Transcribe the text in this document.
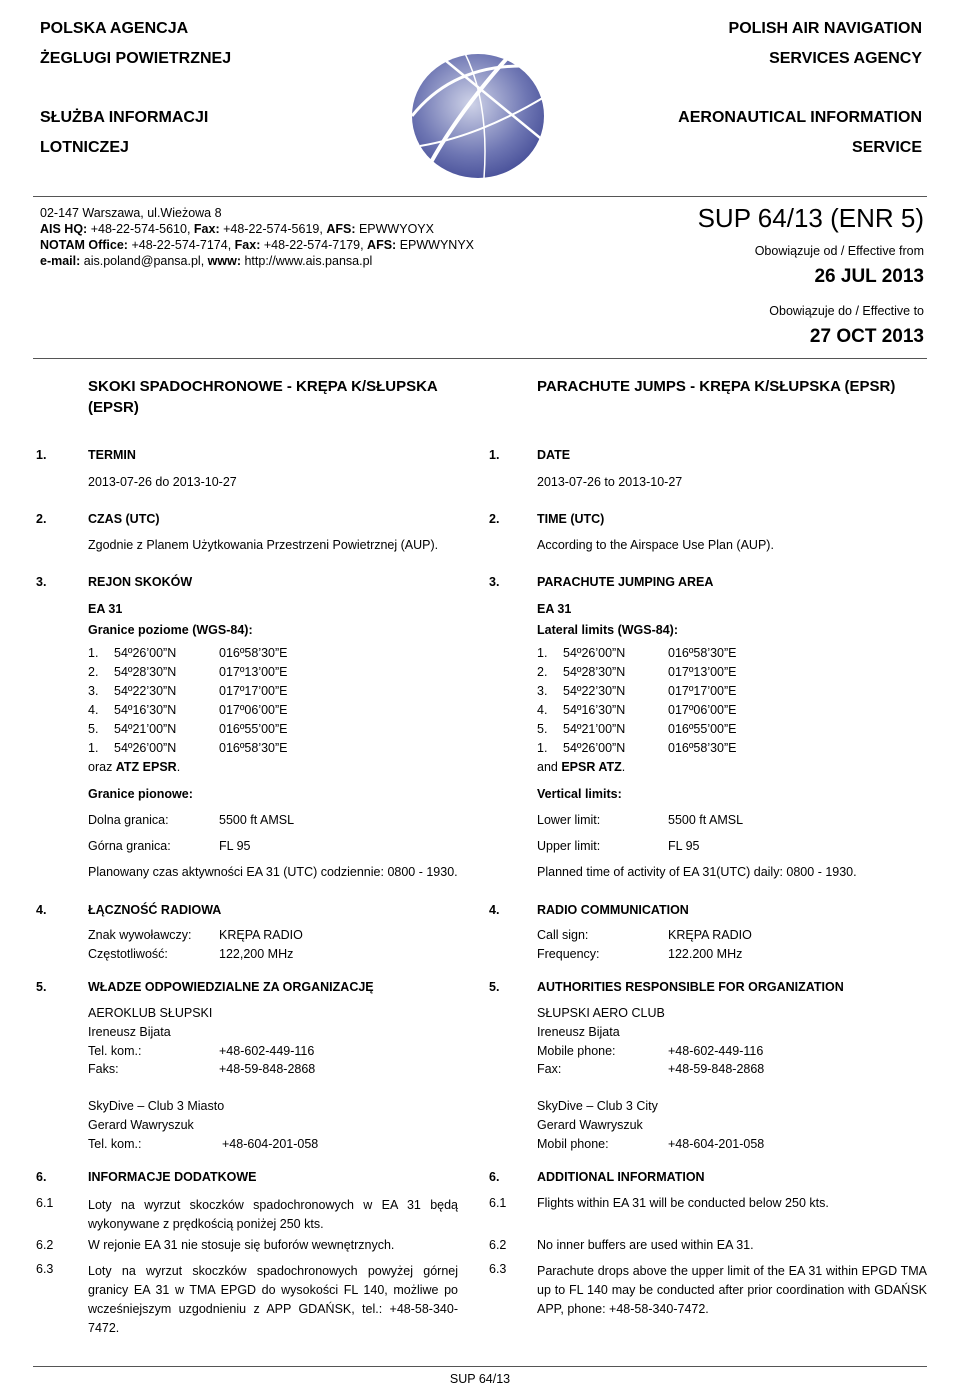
POLSKA AGENCJA
ŻEGLUGI POWIETRZNEJ
SŁUŻBA INFORMACJI
LOTNICZEJ
POLISH AIR NAVIGATION
SERVICES AGENCY
AERONAUTICAL INFORMATION
SERVICE
02-147 Warszawa, ul.Wieżowa 8
AIS HQ: +48-22-574-5610, Fax: +48-22-574-5619, AFS: EPWWYOYX
NOTAM Office: +48-22-574-7174, Fax: +48-22-574-7179, AFS: EPWWYNYX
e-mail: ais.poland@pansa.pl, www: http://www.ais.pansa.pl
SUP 64/13 (ENR 5)
Obowiązuje od / Effective from
26 JUL 2013
Obowiązuje do / Effective to
27 OCT 2013
SKOKI SPADOCHRONOWE - KRĘPA K/SŁUPSKA
(EPSR)
PARACHUTE JUMPS - KRĘPA K/SŁUPSKA (EPSR)
1.	TERMIN
2013-07-26 do 2013-10-27
2.	CZAS (UTC)
Zgodnie z Planem Użytkowania Przestrzeni Powietrznej (AUP).
3.	REJON SKOKÓW
EA 31
Granice poziome (WGS-84):
1. 54º26’00”N	016º58’30”E
2. 54º28’30”N	017º13’00”E
3. 54º22’30”N	017º17’00”E
4. 54º16’30”N	017º06’00”E
5. 54º21’00”N	016º55’00”E
1. 54º26’00”N	016º58’30”E
oraz ATZ EPSR.
Granice pionowe:
Dolna granica:	5500 ft AMSL
Górna granica:	FL 95
Planowany czas aktywności EA 31 (UTC) codziennie: 0800 - 1930.
4.	ŁĄCZNOŚĆ RADIOWA
Znak wywoławczy: KRĘPA RADIO
Częstotliwość:	122,200 MHz
5.	WŁADZE ODPOWIEDZIALNE ZA ORGANIZACJĘ
AEROKLUB SŁUPSKI
Ireneusz Bijata
Tel. kom.:	+48-602-449-116
Faks:	+48-59-848-2868
SkyDive – Club 3 Miasto
Gerard Wawryszuk
Tel. kom.:	+48-604-201-058
6.	INFORMACJE DODATKOWE
6.1	Loty na wyrzut skoczków spadochronowych w EA 31 będą wykonywane z prędkością poniżej 250 kts.
6.2	W rejonie EA 31 nie stosuje się buforów wewnętrznych.
6.3	Loty na wyrzut skoczków spadochronowych powyżej górnej granicy EA 31 w TMA EPGD do wysokości FL 140, możliwe po wcześniejszym uzgodnieniu z APP GDAŃSK, tel.: +48-58-340-7472.
1.	DATE
2013-07-26 to 2013-10-27
2.	TIME (UTC)
According to the Airspace Use Plan (AUP).
3.	PARACHUTE JUMPING AREA
EA 31
Lateral limits (WGS-84):
1. 54º26’00”N	016º58’30”E
2. 54º28’30”N	017º13’00”E
3. 54º22’30”N	017º17’00”E
4. 54º16’30”N	017º06’00”E
5. 54º21’00”N	016º55’00”E
1. 54º26’00”N	016º58’30”E
and EPSR ATZ.
Vertical limits:
Lower limit:	5500 ft AMSL
Upper limit:	FL 95
Planned time of activity of EA 31(UTC) daily: 0800 - 1930.
4.	RADIO COMMUNICATION
Call sign:	KRĘPA RADIO
Frequency:	122.200 MHz
5.	AUTHORITIES RESPONSIBLE FOR ORGANIZATION
SŁUPSKI AERO CLUB
Ireneusz Bijata
Mobile phone:	+48-602-449-116
Fax:	+48-59-848-2868
SkyDive – Club 3 City
Gerard Wawryszuk
Mobil phone:	+48-604-201-058
6.	ADDITIONAL INFORMATION
6.1 Flights within EA 31 will be conducted below 250 kts.
6.2 No inner buffers are used within EA 31.
6.3 Parachute drops above the upper limit of the EA 31 within EPGD TMA up to FL 140 may be conducted after prior coordination with GDAŃSK APP, phone: +48-58-340-7472.
SUP 64/13
